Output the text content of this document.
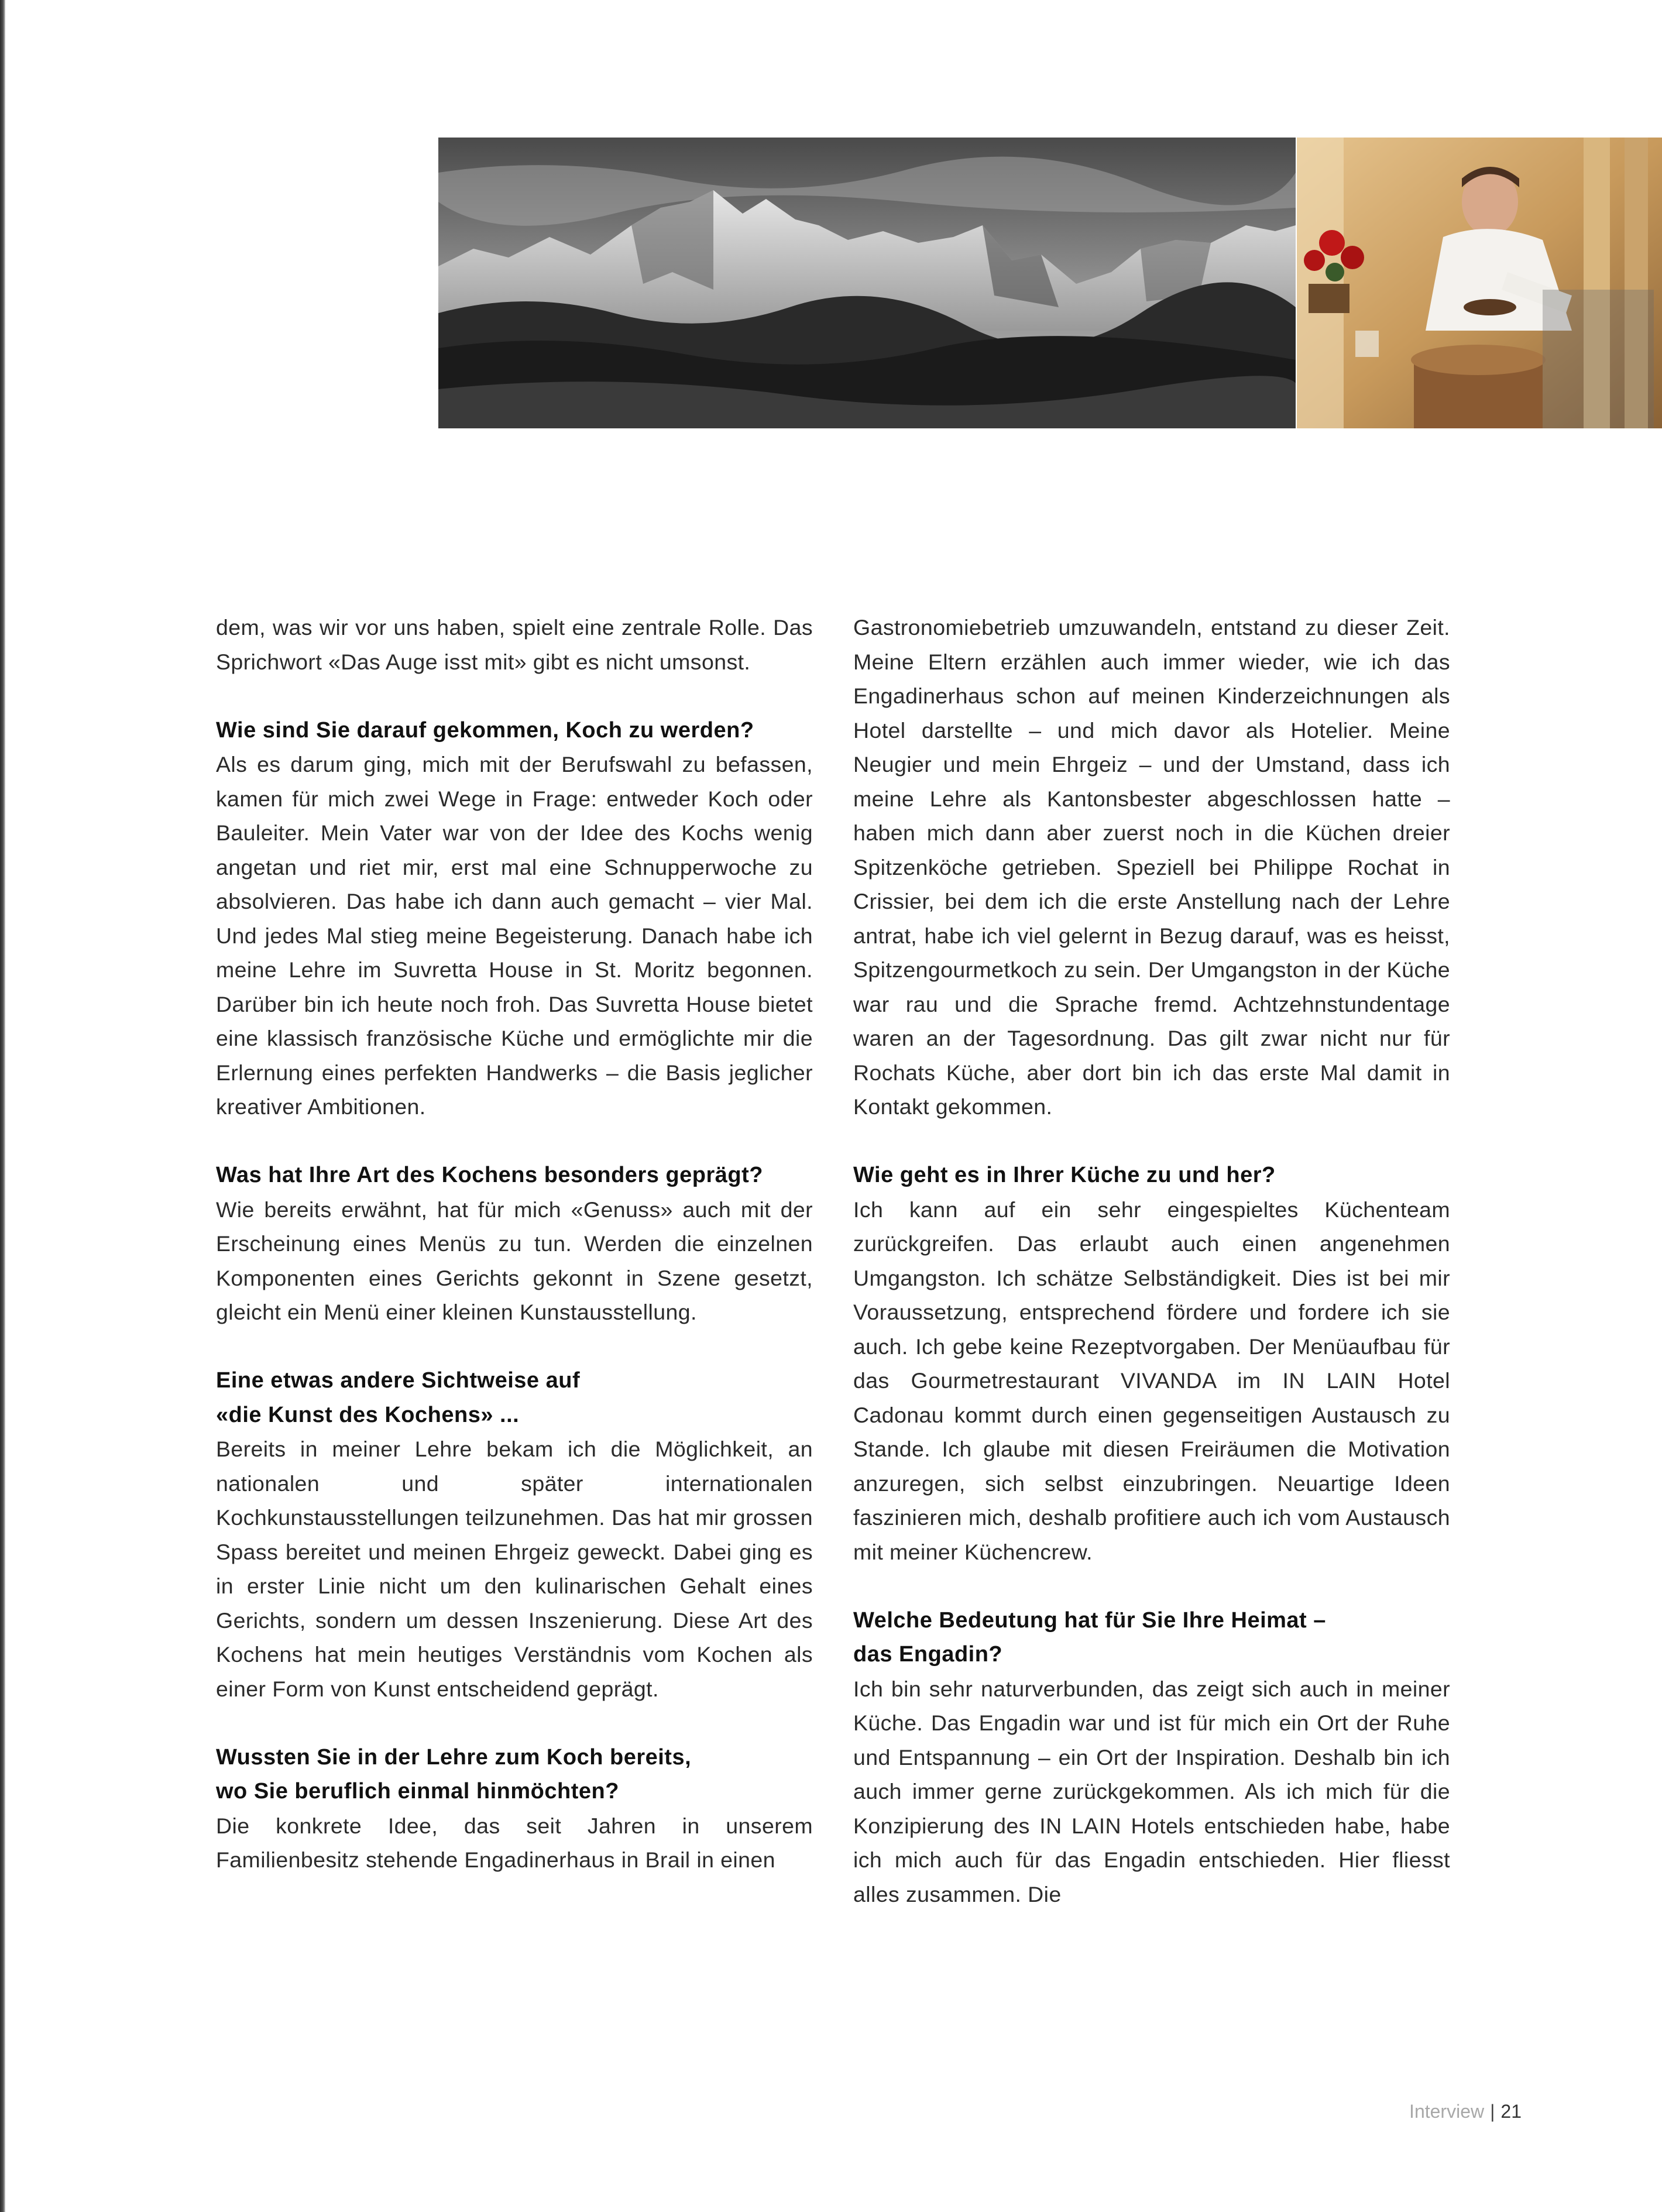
dem, was wir vor uns haben, spielt eine zentrale Rolle. Das Sprichwort «Das Auge isst mit» gibt es nicht umsonst.

Wie sind Sie darauf gekommen, Koch zu werden?

Als es darum ging, mich mit der Berufswahl zu befassen, kamen für mich zwei Wege in Frage: entweder Koch oder Bauleiter. Mein Vater war von der Idee des Kochs wenig angetan und riet mir, erst mal eine Schnupperwoche zu absolvieren. Das habe ich dann auch gemacht – vier Mal. Und jedes Mal stieg meine Begeisterung. Danach habe ich meine Lehre im Suvretta House in St. Moritz begonnen. Darüber bin ich heute noch froh. Das Suvretta House bietet eine klassisch französische Küche und ermöglichte mir die Erlernung eines perfekten Handwerks – die Basis jeglicher kreativer Ambitionen.

Was hat Ihre Art des Kochens besonders geprägt?

Wie bereits erwähnt, hat für mich «Genuss» auch mit der Erscheinung eines Menüs zu tun. Werden die einzelnen Komponenten eines Gerichts gekonnt in Szene gesetzt, gleicht ein Menü einer kleinen Kunstausstellung.

Eine etwas andere Sichtweise auf
«die Kunst des Kochens» ...

Bereits in meiner Lehre bekam ich die Möglichkeit, an nationalen und später internationalen Kochkunstausstellungen teilzunehmen. Das hat mir grossen Spass bereitet und meinen Ehrgeiz geweckt. Dabei ging es in erster Linie nicht um den kulinarischen Gehalt eines Gerichts, sondern um dessen Inszenierung. Diese Art des Kochens hat mein heutiges Verständnis vom Kochen als einer Form von Kunst entscheidend geprägt.

Wussten Sie in der Lehre zum Koch bereits,
wo Sie beruflich einmal hinmöchten?

Die konkrete Idee, das seit Jahren in unserem Familienbesitz stehende Engadinerhaus in Brail in einen

Gastronomiebetrieb umzuwandeln, entstand zu dieser Zeit. Meine Eltern erzählen auch immer wieder, wie ich das Engadinerhaus schon auf meinen Kinderzeichnungen als Hotel darstellte – und mich davor als Hotelier. Meine Neugier und mein Ehrgeiz – und der Umstand, dass ich meine Lehre als Kantonsbester abgeschlossen hatte – haben mich dann aber zuerst noch in die Küchen dreier Spitzenköche getrieben. Speziell bei Philippe Rochat in Crissier, bei dem ich die erste Anstellung nach der Lehre antrat, habe ich viel gelernt in Bezug darauf, was es heisst, Spitzengourmetkoch zu sein. Der Umgangston in der Küche war rau und die Sprache fremd. Achtzehnstundentage waren an der Tagesordnung. Das gilt zwar nicht nur für Rochats Küche, aber dort bin ich das erste Mal damit in Kontakt gekommen.

Wie geht es in Ihrer Küche zu und her?

Ich kann auf ein sehr eingespieltes Küchenteam zurückgreifen. Das erlaubt auch einen angenehmen Umgangston. Ich schätze Selbständigkeit. Dies ist bei mir Voraussetzung, entsprechend fördere und fordere ich sie auch. Ich gebe keine Rezeptvorgaben. Der Menüaufbau für das Gourmetrestaurant VIVANDA im IN LAIN Hotel Cadonau kommt durch einen gegenseitigen Austausch zu Stande. Ich glaube mit diesen Freiräumen die Motivation anzuregen, sich selbst einzubringen. Neuartige Ideen faszinieren mich, deshalb profitiere auch ich vom Austausch mit meiner Küchencrew.

Welche Bedeutung hat für Sie Ihre Heimat –
das Engadin?

Ich bin sehr naturverbunden, das zeigt sich auch in meiner Küche. Das Engadin war und ist für mich ein Ort der Ruhe und Entspannung – ein Ort der Inspiration. Deshalb bin ich auch immer gerne zurückgekommen. Als ich mich für die Konzipierung des IN LAIN Hotels entschieden habe, habe ich mich auch für das Engadin entschieden. Hier fliesst alles zusammen. Die

Interview | 21
